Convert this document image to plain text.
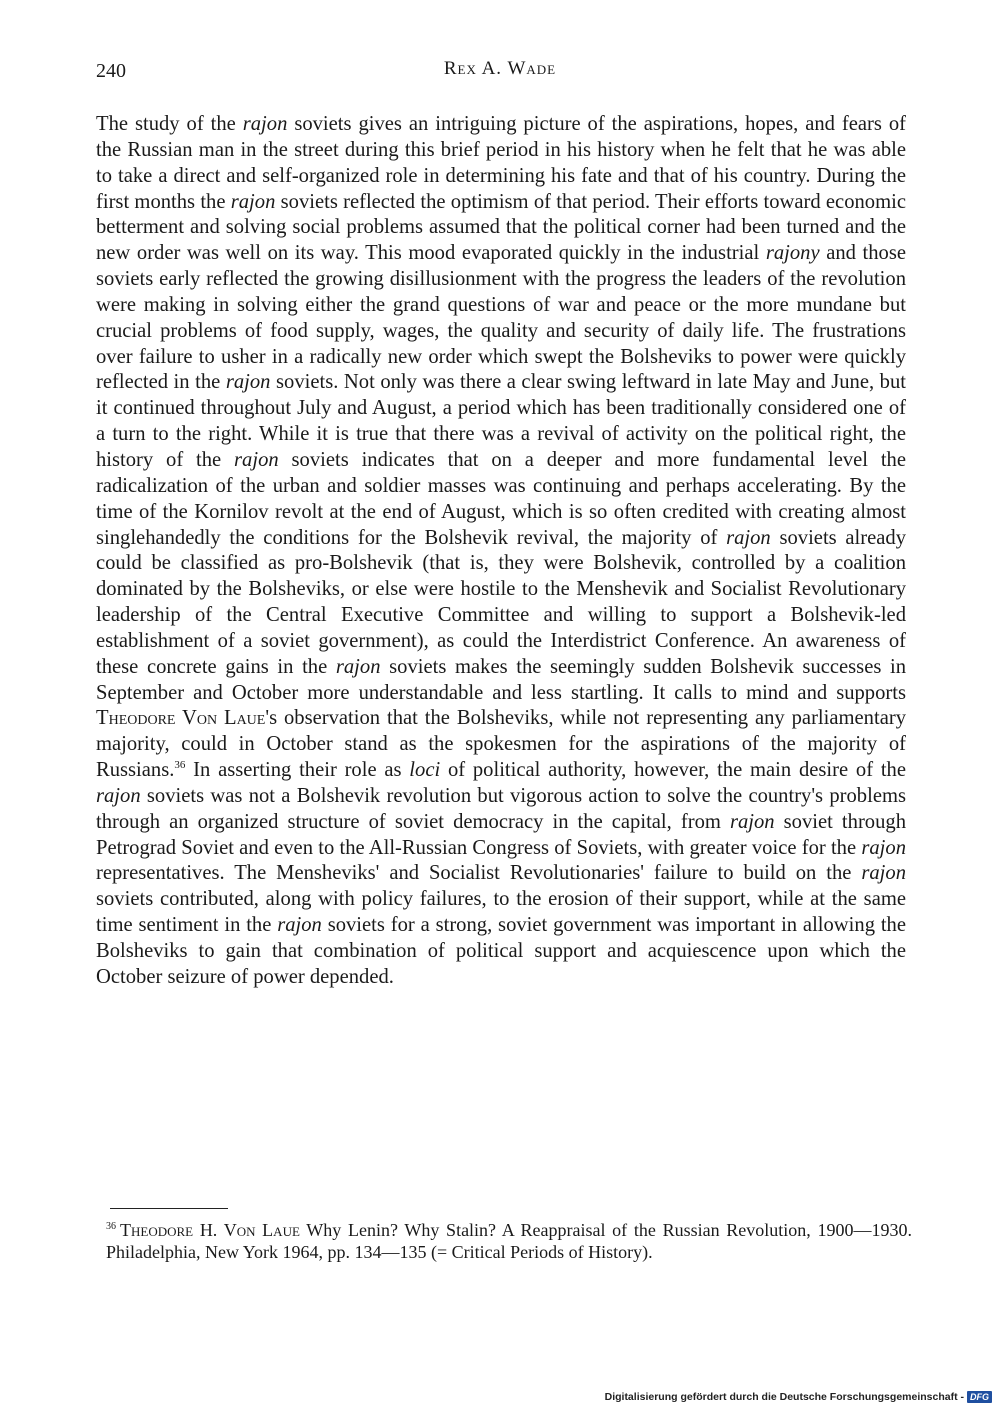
240	Rex A. Wade

The study of the rajon soviets gives an intriguing picture of the aspirations, hopes, and fears of the Russian man in the street during this brief period in his history when he felt that he was able to take a direct and self-organized role in determining his fate and that of his country. During the first months the rajon soviets reflected the optimism of that period. Their efforts toward economic betterment and solving social problems assumed that the political corner had been turned and the new order was well on its way. This mood evaporated quickly in the industrial rajony and those soviets early reflected the growing disillusionment with the progress the leaders of the revolution were making in solving either the grand questions of war and peace or the more mundane but crucial problems of food supply, wages, the quality and security of daily life. The frustrations over failure to usher in a radically new order which swept the Bolsheviks to power were quickly reflected in the rajon soviets. Not only was there a clear swing leftward in late May and June, but it continued throughout July and August, a period which has been traditionally considered one of a turn to the right. While it is true that there was a revival of activity on the political right, the history of the rajon soviets indicates that on a deeper and more fundamental level the radicalization of the urban and soldier masses was continuing and perhaps accelerating. By the time of the Kornilov revolt at the end of August, which is so often credited with creating almost singlehandedly the conditions for the Bolshevik revival, the majority of rajon soviets already could be classified as pro-Bolshevik (that is, they were Bolshevik, controlled by a coalition dominated by the Bolsheviks, or else were hostile to the Menshevik and Socialist Revolutionary leadership of the Central Executive Committee and willing to support a Bolshevik-led establishment of a soviet government), as could the Interdistrict Conference. An awareness of these concrete gains in the rajon soviets makes the seemingly sudden Bolshevik successes in September and October more understandable and less startling. It calls to mind and supports Theodore Von Laue's observation that the Bolsheviks, while not representing any parliamentary majority, could in October stand as the spokesmen for the aspirations of the majority of Russians.$^{36}$ In asserting their role as loci of political authority, however, the main desire of the rajon soviets was not a Bolshevik revolution but vigorous action to solve the country's problems through an organized structure of soviet democracy in the capital, from rajon soviet through Petrograd Soviet and even to the All-Russian Congress of Soviets, with greater voice for the rajon representatives. The Mensheviks' and Socialist Revolutionaries' failure to build on the rajon soviets contributed, along with policy failures, to the erosion of their support, while at the same time sentiment in the rajon soviets for a strong, soviet government was important in allowing the Bolsheviks to gain that combination of political support and acquiescence upon which the October seizure of power depended.

$^{36}$ Theodore H. Von Laue Why Lenin? Why Stalin? A Reappraisal of the Russian Revolution, 1900—1930. Philadelphia, New York 1964, pp. 134—135 (= Critical Periods of History).

Digitalisierung gefördert durch die Deutsche Forschungsgemeinschaft - DFG
